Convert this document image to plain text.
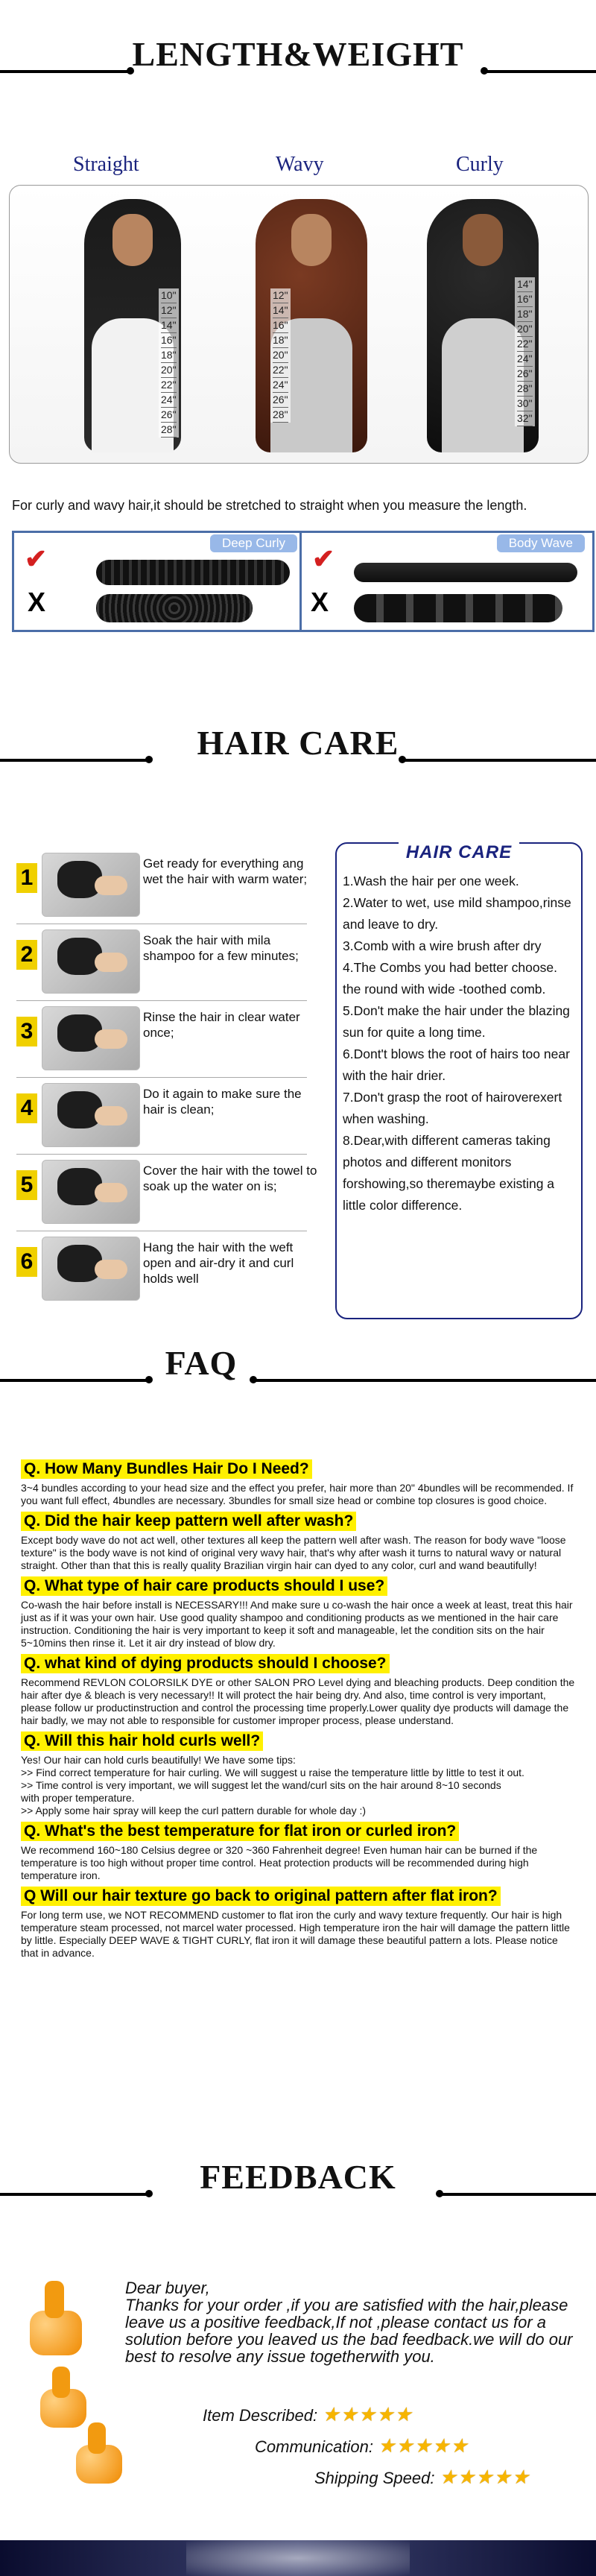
LENGTH&WEIGHT
Straight	Wavy	Curly
10"
12"
14"
16"
18"
20"
22"
24"
26"
28"
12"
14"
16"
18"
20"
22"
24"
26"
28"
14"
16"
18"
20"
22"
24"
26"
28"
30"
32"
For curly and wavy hair,it should be stretched to straight when you measure the length.
Deep Curly
✔
X
Body Wave
✔
X
HAIR CARE
1
Get ready for everything ang wet the hair with warm water;
2
Soak the hair with mila shampoo for a few minutes;
3
Rinse the hair in clear water once;
4
Do it again to make sure the hair is clean;
5
Cover the hair with the towel to soak up the water on is;
6
Hang the hair with the weft open and air-dry it and curl holds well
HAIR CARE
1.Wash the hair per one week.
2.Water to wet, use mild shampoo,rinse and leave to dry.
3.Comb with a wire brush after dry
4.The Combs you had better choose. the round with wide -toothed comb.
5.Don't make the hair under the blazing sun for quite a long time.
6.Dont't blows the root of hairs too near with the hair drier.
7.Don't grasp the root of hairoverexert when washing.
8.Dear,with different cameras taking photos and different monitors forshowing,so theremaybe existing a little color difference.
FAQ
Q. How Many Bundles Hair Do I Need?
3~4 bundles according to your head size and the effect you prefer, hair more than 20" 4bundles will be recommended. If you want full effect, 4bundles are necessary. 3bundles for small size head or combine top closures is good choice.
Q. Did the hair keep pattern well after wash?
Except body wave do not act well, other textures all keep the pattern well after wash. The reason for body wave "loose texture" is the body wave is not kind of original very wavy hair, that's why after wash it turns to natural wavy or natural straight. Other than that this is really quality Brazilian virgin hair can dyed to any color, curl and wand beautifully!
Q. What type of hair care products should I use?
Co-wash the hair before install is NECESSARY!!! And make sure u co-wash the hair once a week at least, treat this hair just as if it was your own hair. Use good quality shampoo and conditioning products as we mentioned in the hair care instruction. Conditioning the hair is very important to keep it soft and manageable, let the condition sits on the hair 5~10mins then rinse it. Let it air dry instead of blow dry.
Q. what kind of dying products should I choose?
Recommend REVLON COLORSILK DYE or other SALON PRO Level dying and bleaching products. Deep condition the hair after dye & bleach is very necessary!! It will protect the hair being dry. And also, time control is very important, please follow ur productinstruction and control the processing time properly.Lower quality dye products will damage the hair badly, we may not able to responsible for customer improper process, please understand.
Q. Will this hair hold curls well?
Yes! Our hair can hold curls beautifully! We have some tips:
>> Find correct temperature for hair curling. We will suggest u raise the temperature little by little to test it out.
>> Time control is very important, we will suggest let the wand/curl sits on the hair around 8~10 seconds
with proper temperature.
>> Apply some hair spray will keep the curl pattern durable for whole day :)
Q. What's the best temperature for flat iron or curled iron?
We recommend 160~180 Celsius degree or 320 ~360 Fahrenheit degree! Even human hair can be burned if the temperature is too high without proper time control. Heat protection products will be recommended during high temperature iron.
Q Will our hair texture go back to original pattern after flat iron?
For long term use, we NOT RECOMMEND customer to flat iron the curly and wavy texture frequently. Our hair is high temperature steam processed, not marcel water processed. High temperature iron the hair will damage the pattern little by little. Especially DEEP WAVE & TIGHT CURLY, flat iron it will damage these beautiful pattern a lots. Please notice that in advance.
FEEDBACK
Dear buyer,
Thanks for your order ,if you are satisfied with the hair,please leave us a positive feedback,If not ,please contact us for a solution before you leaved us the bad feedback.we will do our best to resolve any issue togetherwith you.
Item Described: ★★★★★
Communication: ★★★★★
Shipping Speed: ★★★★★
